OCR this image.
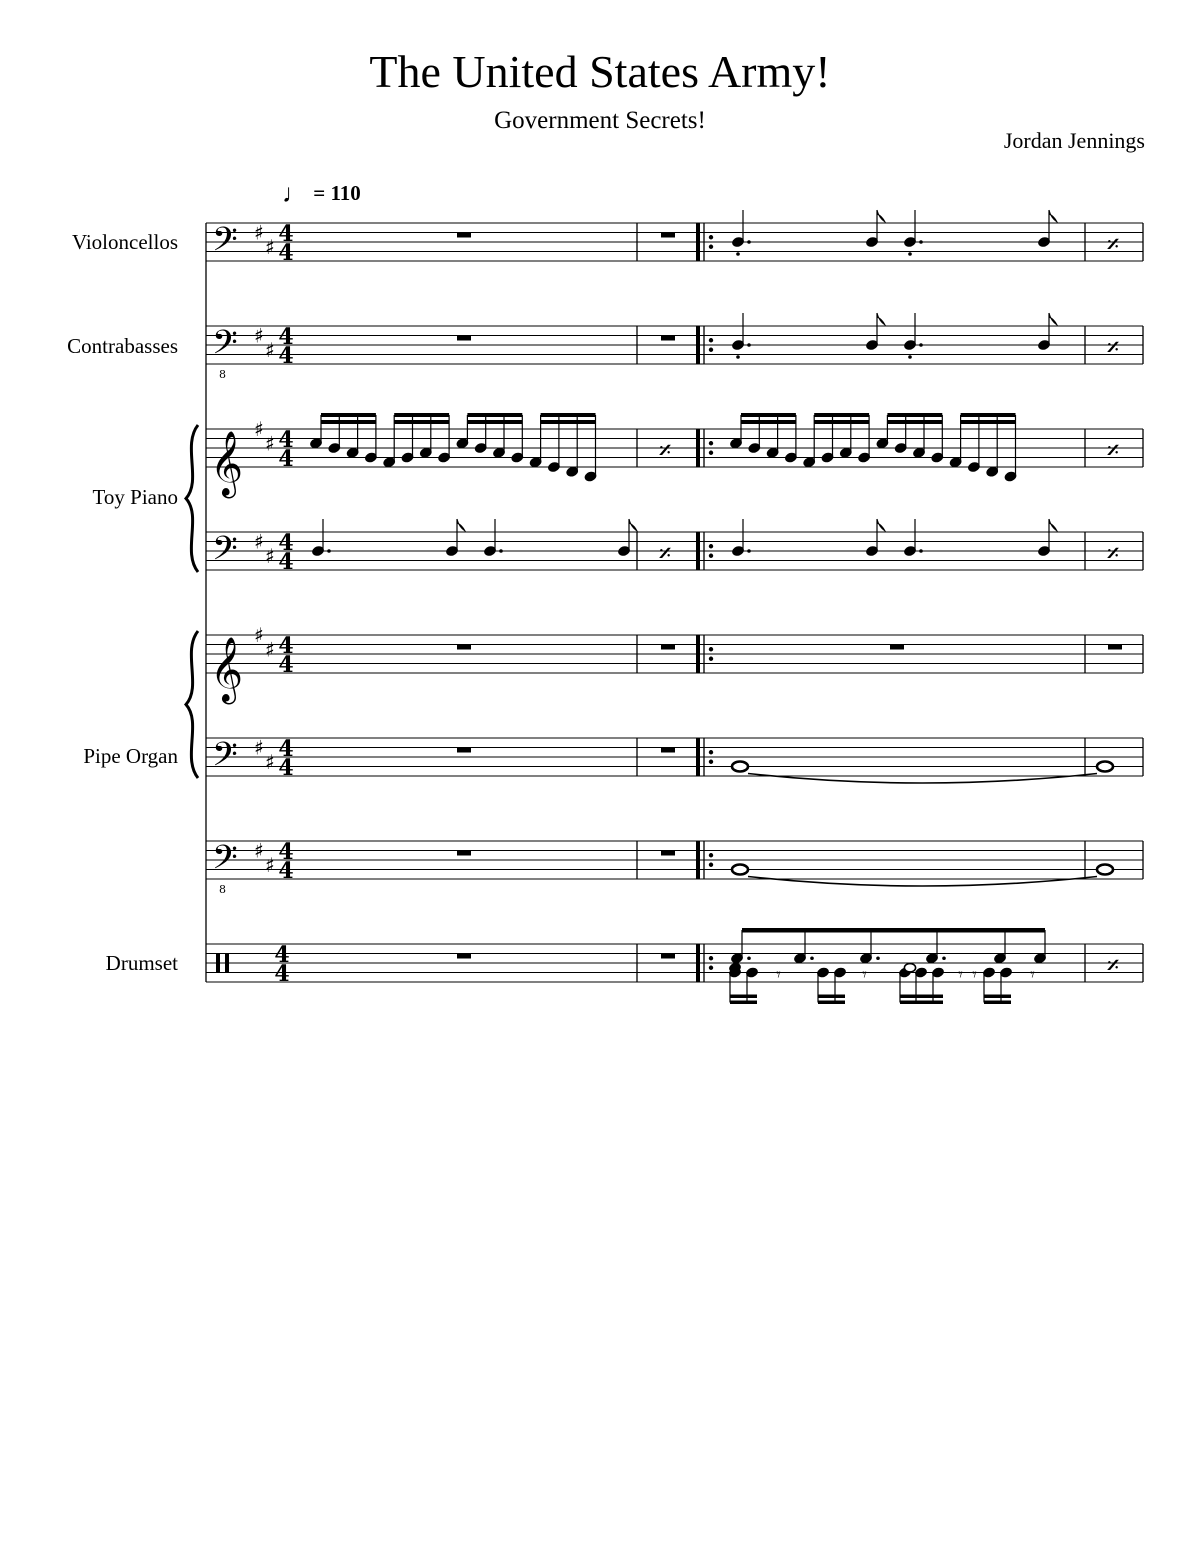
The United States Army!
Government Secrets!
Jordan Jennings
♩ = 110
Violoncellos
Contrabasses
Toy Piano
Pipe Organ
Drumset
𝄢 ♯
♯ 4
4
𝄢
8
♯
♯ 4
4
𝄞
♯
♯ 4
4
𝄢 ♯
♯ 4
4
𝄞
♯
♯ 4
4
𝄢 ♯
♯ 4
4
𝄢
8
♯
♯ 4
4
4
4
𝄎
𝄎
𝄎	𝄎
𝄎	𝄎
𝄾	𝄾	𝄾 𝄾	𝄾	𝄎
